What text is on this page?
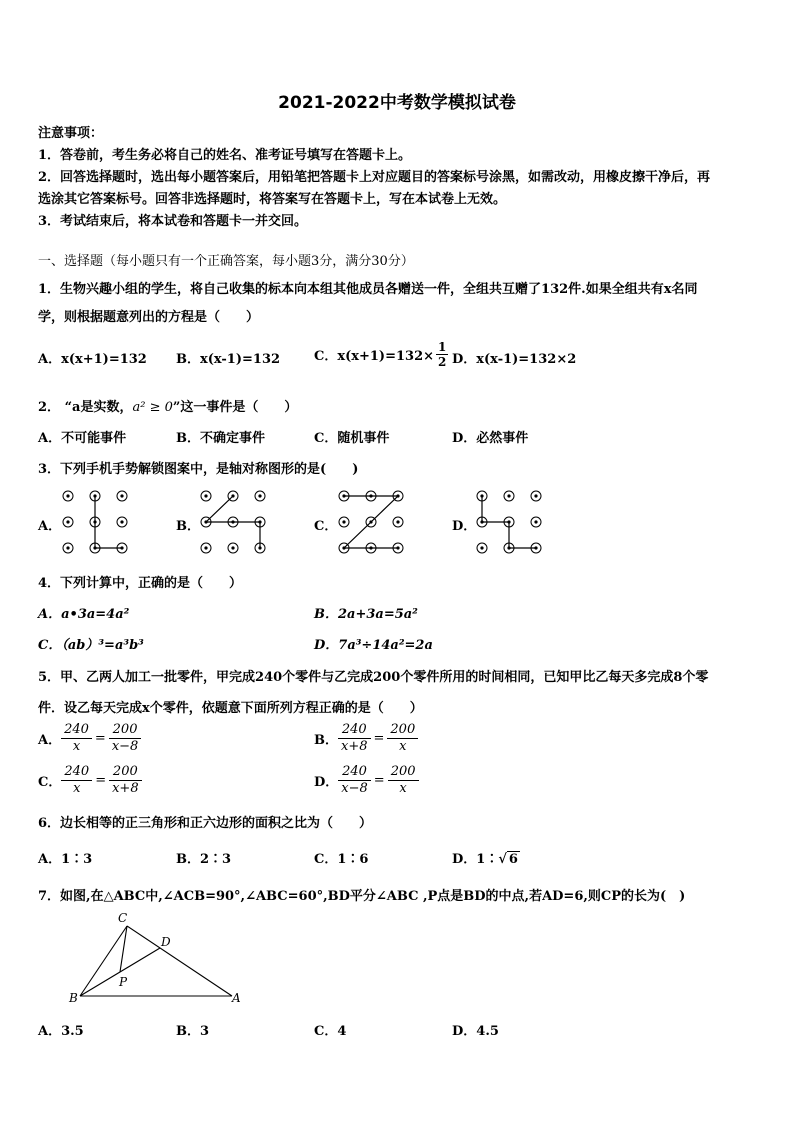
2021-2022中考数学模拟试卷
注意事项：
1．答卷前，考生务必将自己的姓名、准考证号填写在答题卡上。
2．回答选择题时，选出每小题答案后，用铅笔把答题卡上对应题目的答案标号涂黑，如需改动，用橡皮擦干净后，再
选涂其它答案标号。回答非选择题时，将答案写在答题卡上，写在本试卷上无效。
3．考试结束后，将本试卷和答题卡一并交回。
一、选择题（每小题只有一个正确答案，每小题3分，满分30分）
1．生物兴趣小组的学生，将自己收集的标本向本组其他成员各赠送一件，全组共互赠了132件.如果全组共有x名同
学，则根据题意列出的方程是（　　）
A．x(x+1)=132 B．x(x-1)=132	C．$x(x+1)=132\times \frac{1}{2}$ D．x(x-1)=132×2
2． “a是实数，a² ≥ 0”这一事件是（　　）
A．不可能事件	B．不确定事件	C．随机事件	D．必然事件
3．下列手机手势解锁图案中，是轴对称图形的是(　　)
A．	B．	C．	D．
4．下列计算中，正确的是（　　）
A．a•3a=4a²	B．2a+3a=5a²
C．（ab）³=a³b³	D．7a³÷14a²=2a
5．甲、乙两人加工一批零件，甲完成240个零件与乙完成200个零件所用的时间相同，已知甲比乙每天多完成8个零
件．设乙每天完成x个零件，依题意下面所列方程正确的是（　　）
A． $\frac{240}{x} = \frac{200}{x-8}$	B． $\frac{240}{x+8} = \frac{200}{x}$
C． $\frac{240}{x} = \frac{200}{x+8}$	D． $\frac{240}{x-8} = \frac{200}{x}$
6．边长相等的正三角形和正六边形的面积之比为（　　）
A．1∶3	B．2∶3	C．1∶6	D．1∶√ 6
7．如图,在△ABC中,∠ACB=90°,∠ABC=60°,BD平分∠ABC ,P点是BD的中点,若AD=6,则CP的长为(　)
C
D
P
B	A
A．3.5	B．3	C．4	D．4.5
